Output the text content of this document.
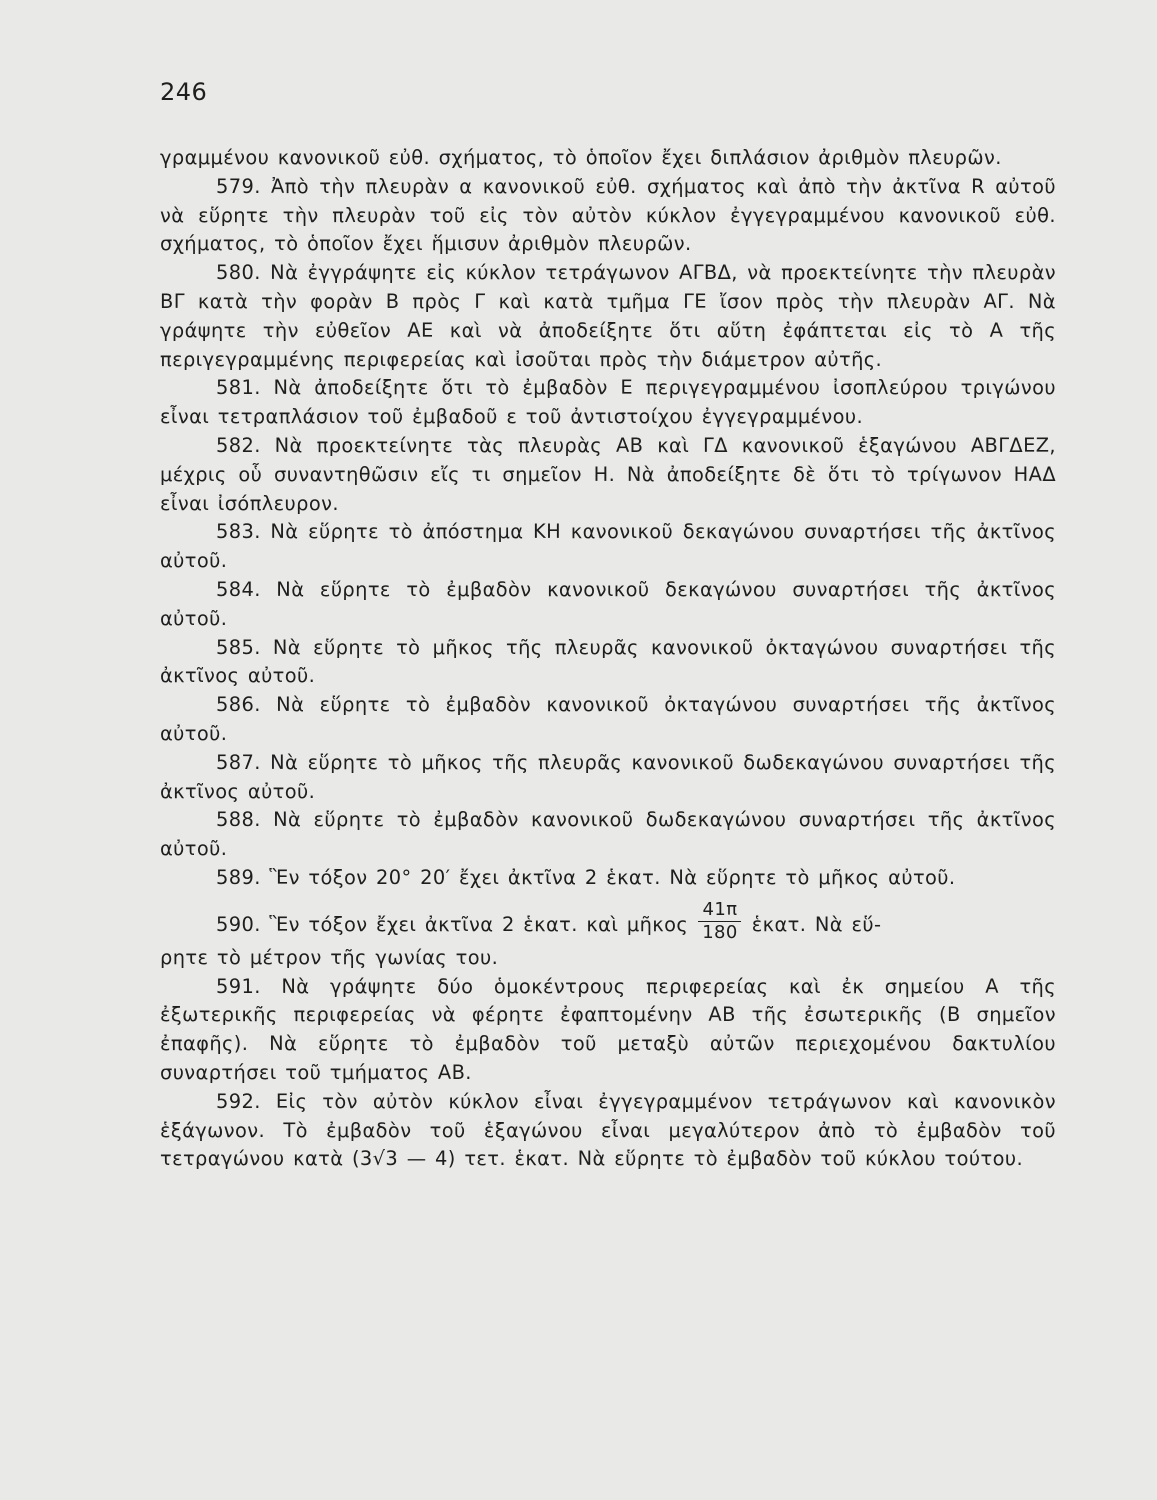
246

γραμμένου κανονικοῦ εὐθ. σχήματος, τὸ ὁποῖον ἔχει διπλάσιον ἀριθμὸν πλευρῶν.

579. Ἀπὸ τὴν πλευρὰν α κανονικοῦ εὐθ. σχήματος καὶ ἀπὸ τὴν ἀκτῖνα R αὐτοῦ νὰ εὕρητε τὴν πλευρὰν τοῦ εἰς τὸν αὐτὸν κύκλον ἐγγεγραμμένου κανονικοῦ εὐθ. σχήματος, τὸ ὁποῖον ἔχει ἥμισυν ἀριθμὸν πλευρῶν.

580. Νὰ ἐγγράψητε εἰς κύκλον τετράγωνον ΑΓΒΔ, νὰ προεκτείνητε τὴν πλευρὰν ΒΓ κατὰ τὴν φορὰν Β πρὸς Γ καὶ κατὰ τμῆμα ΓΕ ἴσον πρὸς τὴν πλευρὰν ΑΓ. Νὰ γράψητε τὴν εὐθεῖον ΑΕ καὶ νὰ ἀποδείξητε ὅτι αὕτη ἐφάπτεται εἰς τὸ Α τῆς περιγεγραμμένης περιφερείας καὶ ἰσοῦται πρὸς τὴν διάμετρον αὐτῆς.

581. Νὰ ἀποδείξητε ὅτι τὸ ἐμβαδὸν Ε περιγεγραμμένου ἰσοπλεύρου τριγώνου εἶναι τετραπλάσιον τοῦ ἐμβαδοῦ ε τοῦ ἀντιστοίχου ἐγγεγραμμένου.

582. Νὰ προεκτείνητε τὰς πλευρὰς ΑΒ καὶ ΓΔ κανονικοῦ ἑξαγώνου ΑΒΓΔΕΖ, μέχρις οὗ συναντηθῶσιν εἴς τι σημεῖον Η. Νὰ ἀποδείξητε δὲ ὅτι τὸ τρίγωνον ΗΑΔ εἶναι ἰσόπλευρον.

583. Νὰ εὕρητε τὸ ἀπόστημα ΚΗ κανονικοῦ δεκαγώνου συναρτήσει τῆς ἀκτῖνος αὐτοῦ.

584. Νὰ εὕρητε τὸ ἐμβαδὸν κανονικοῦ δεκαγώνου συναρτήσει τῆς ἀκτῖνος αὐτοῦ.

585. Νὰ εὕρητε τὸ μῆκος τῆς πλευρᾶς κανονικοῦ ὀκταγώνου συναρτήσει τῆς ἀκτῖνος αὐτοῦ.

586. Νὰ εὕρητε τὸ ἐμβαδὸν κανονικοῦ ὀκταγώνου συναρτήσει τῆς ἀκτῖνος αὐτοῦ.

587. Νὰ εὕρητε τὸ μῆκος τῆς πλευρᾶς κανονικοῦ δωδεκαγώνου συναρτήσει τῆς ἀκτῖνος αὐτοῦ.

588. Νὰ εὕρητε τὸ ἐμβαδὸν κανονικοῦ δωδεκαγώνου συναρτήσει τῆς ἀκτῖνος αὐτοῦ.

589. Ἓν τόξον 20° 20′ ἔχει ἀκτῖνα 2 ἑκατ. Νὰ εὕρητε τὸ μῆκος αὐτοῦ.

590. Ἓν τόξον ἔχει ἀκτῖνα 2 ἑκατ. καὶ μῆκος $\frac{41\pi}{180}$ ἑκατ. Νὰ εὕ-

ρητε τὸ μέτρον τῆς γωνίας του.

591. Νὰ γράψητε δύο ὁμοκέντρους περιφερείας καὶ ἐκ σημείου Α τῆς ἐξωτερικῆς περιφερείας νὰ φέρητε ἐφαπτομένην ΑΒ τῆς ἐσωτερικῆς (Β σημεῖον ἐπαφῆς). Νὰ εὕρητε τὸ ἐμβαδὸν τοῦ μεταξὺ αὐτῶν περιεχομένου δακτυλίου συναρτήσει τοῦ τμήματος ΑΒ.

592. Εἰς τὸν αὐτὸν κύκλον εἶναι ἐγγεγραμμένον τετράγωνον καὶ κανονικὸν ἑξάγωνον. Τὸ ἐμβαδὸν τοῦ ἑξαγώνου εἶναι μεγαλύτερον ἀπὸ τὸ ἐμβαδὸν τοῦ τετραγώνου κατὰ (3√3 — 4) τετ. ἑκατ. Νὰ εὕρητε τὸ ἐμβαδὸν τοῦ κύκλου τούτου.
